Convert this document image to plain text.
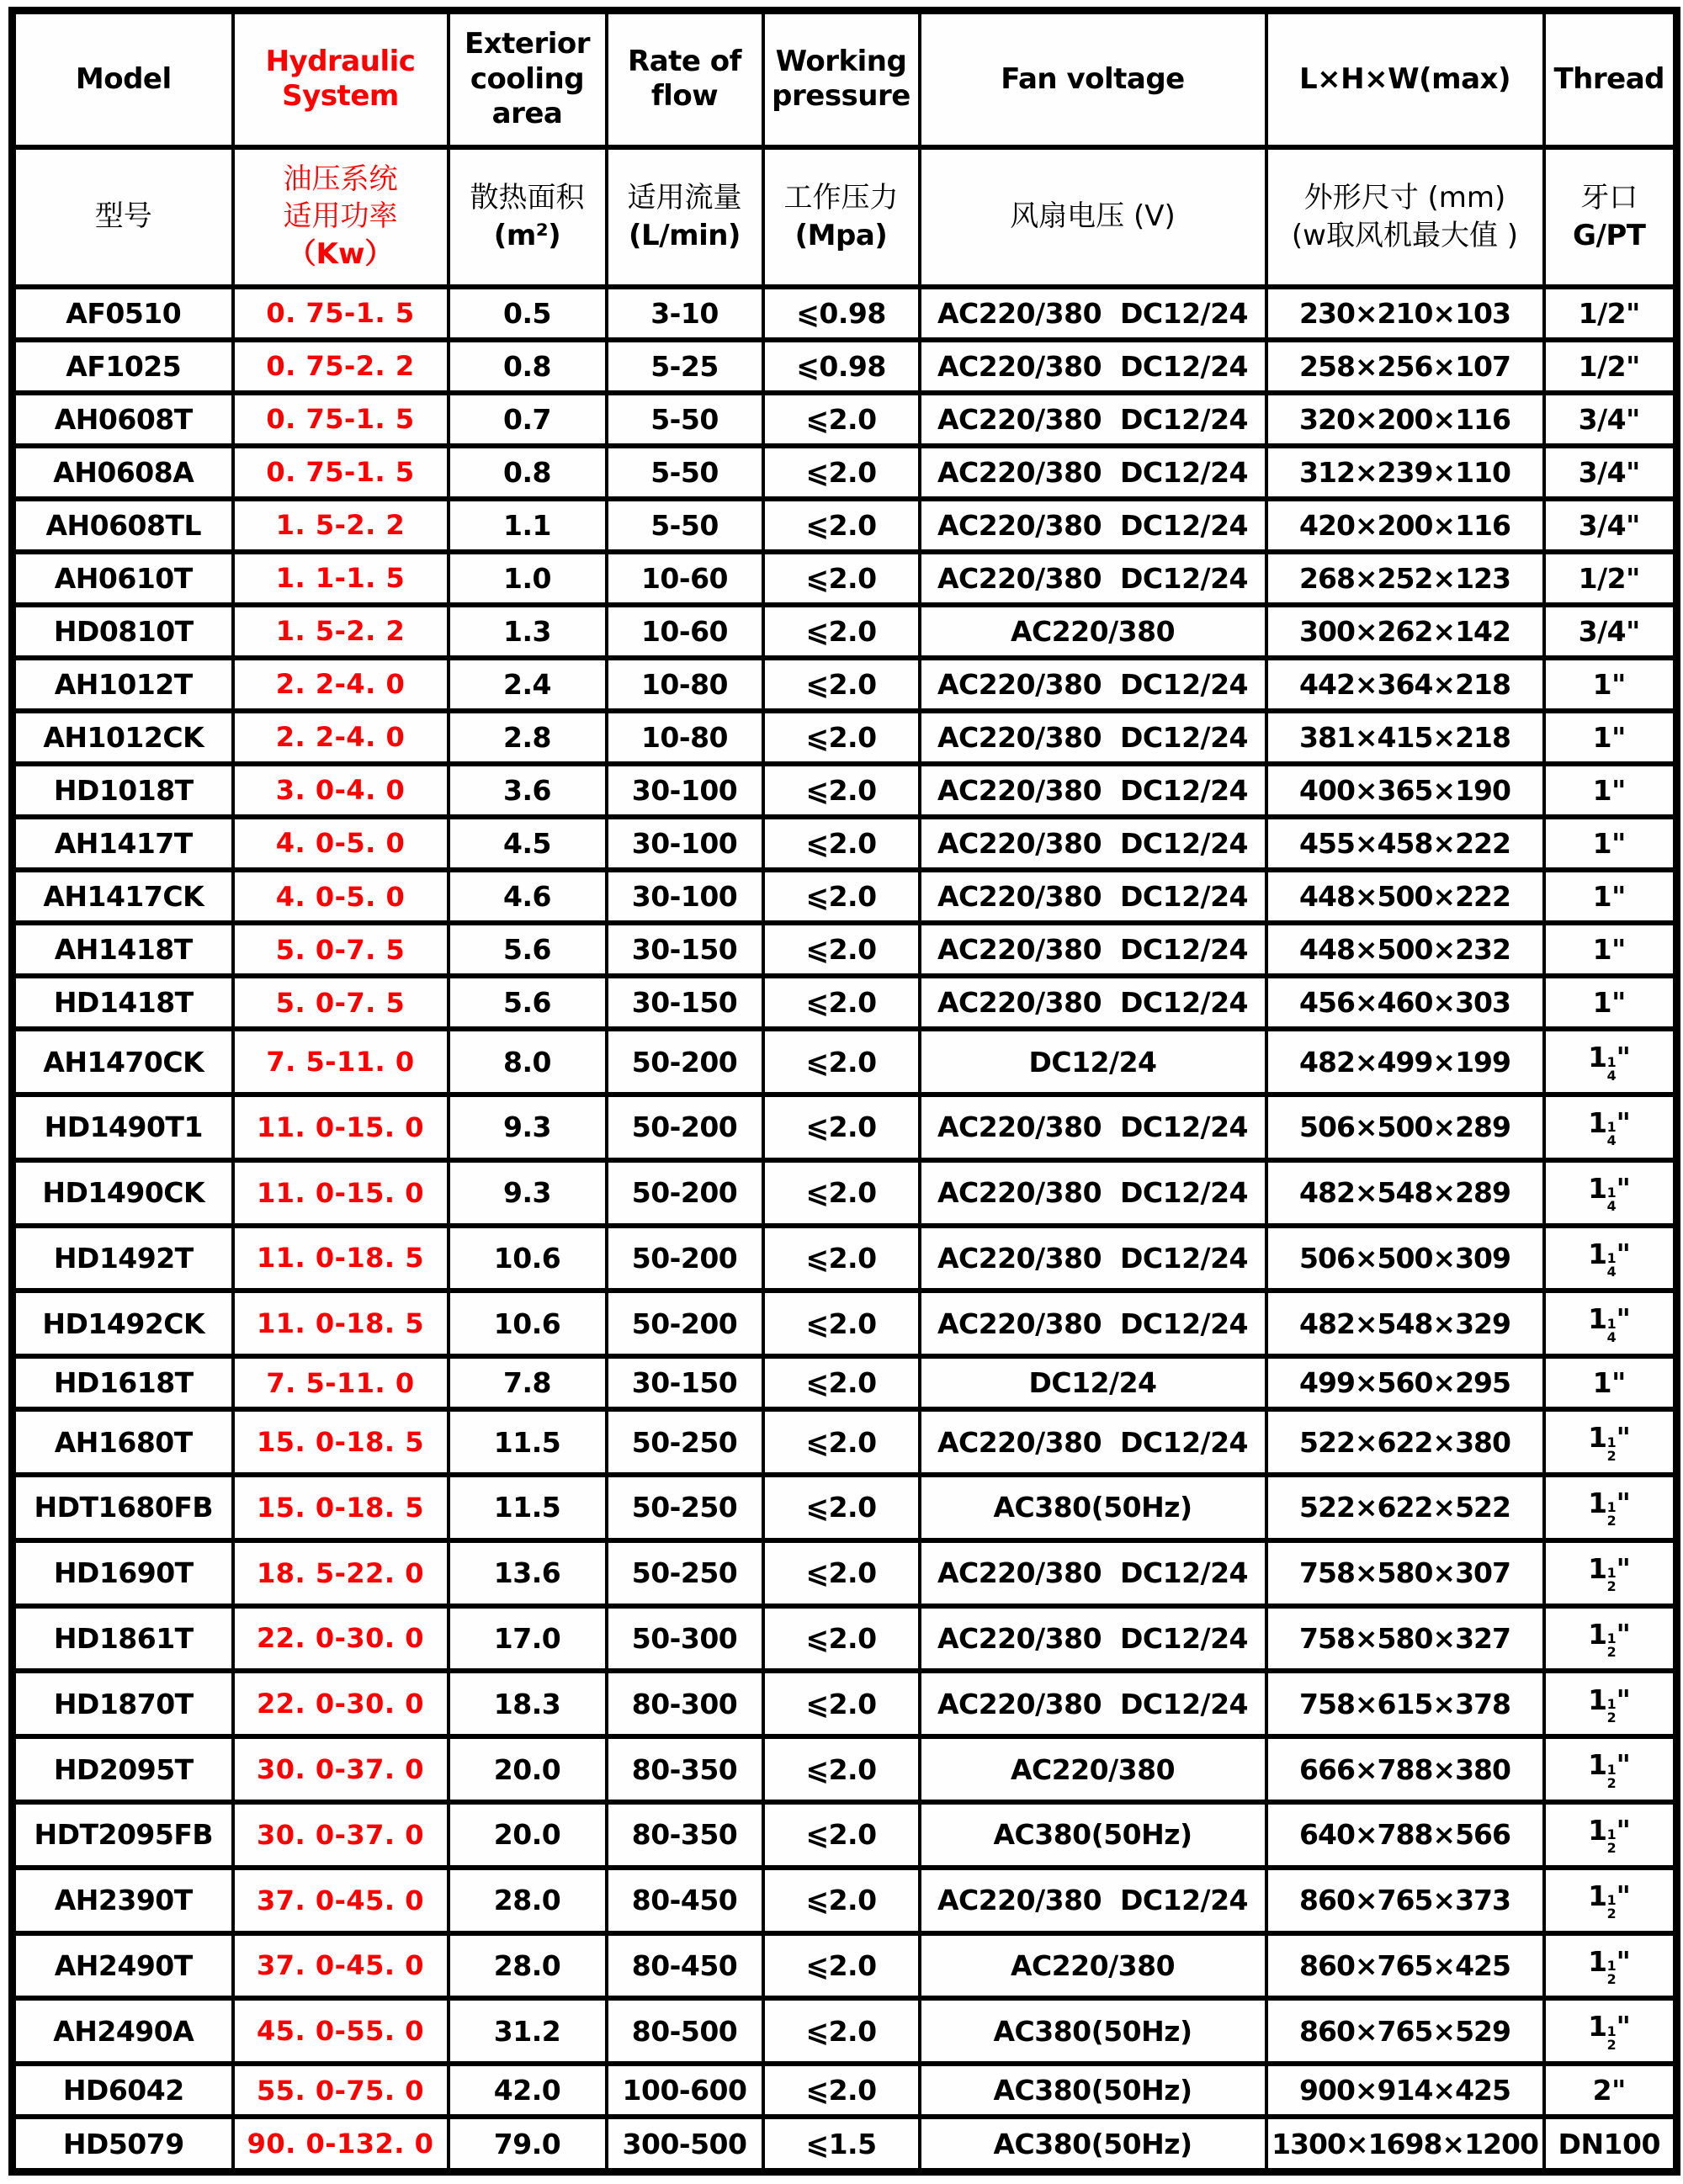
Model

Hydraulic
System

Exterior
cooling
area

Rate of
flow

Working
pressure

Fan voltage	L×H×W(max)	Thread

型号

油压系统
适用功率
（Kw）

散热面积
(m²)

适用流量
(L/min)

工作压力
(Mpa)

风扇电压 (V)

外形尺寸 (mm)
(w取风机最大值 )

牙口
G/PT

AF0510	0. 75-1. 5	0.5	3-10	⩽0.98	AC220/380  DC12/24	230×210×103	1/2"
AF1025	0. 75-2. 2	0.8	5-25	⩽0.98	AC220/380  DC12/24	258×256×107	1/2"
AH0608T	0. 75-1. 5	0.7	5-50	⩽2.0	AC220/380  DC12/24	320×200×116	3/4"
AH0608A	0. 75-1. 5	0.8	5-50	⩽2.0	AC220/380  DC12/24	312×239×110	3/4"
AH0608TL	1. 5-2. 2	1.1	5-50	⩽2.0	AC220/380  DC12/24	420×200×116	3/4"
AH0610T	1. 1-1. 5	1.0	10-60	⩽2.0	AC220/380  DC12/24	268×252×123	1/2"
HD0810T	1. 5-2. 2	1.3	10-60	⩽2.0	AC220/380	300×262×142	3/4"
AH1012T	2. 2-4. 0	2.4	10-80	⩽2.0	AC220/380  DC12/24	442×364×218	1"
AH1012CK	2. 2-4. 0	2.8	10-80	⩽2.0	AC220/380  DC12/24	381×415×218	1"
HD1018T	3. 0-4. 0	3.6	30-100	⩽2.0	AC220/380  DC12/24	400×365×190	1"
AH1417T	4. 0-5. 0	4.5	30-100	⩽2.0	AC220/380  DC12/24	455×458×222	1"
AH1417CK	4. 0-5. 0	4.6	30-100	⩽2.0	AC220/380  DC12/24	448×500×222	1"
AH1418T	5. 0-7. 5	5.6	30-150	⩽2.0	AC220/380  DC12/24	448×500×232	1"
HD1418T	5. 0-7. 5	5.6	30-150	⩽2.0	AC220/380  DC12/24	456×460×303	1"
AH1470CK	7. 5-11. 0	8.0	50-200	⩽2.0	DC12/24	482×499×199	1 1
4
"
HD1490T1	11. 0-15. 0	9.3	50-200	⩽2.0	AC220/380  DC12/24	506×500×289	1 1
4
"
HD1490CK	11. 0-15. 0	9.3	50-200	⩽2.0	AC220/380  DC12/24	482×548×289	1 1
4
"
HD1492T	11. 0-18. 5	10.6	50-200	⩽2.0	AC220/380  DC12/24	506×500×309	1 1
4
"
HD1492CK	11. 0-18. 5	10.6	50-200	⩽2.0	AC220/380  DC12/24	482×548×329	1 1
4
"
HD1618T	7. 5-11. 0	7.8	30-150	⩽2.0	DC12/24	499×560×295	1"
AH1680T	15. 0-18. 5	11.5	50-250	⩽2.0	AC220/380  DC12/24	522×622×380	1 1
2
"
HDT1680FB	15. 0-18. 5	11.5	50-250	⩽2.0	AC380(50Hz)	522×622×522	1 1
2
"
HD1690T	18. 5-22. 0	13.6	50-250	⩽2.0	AC220/380  DC12/24	758×580×307	1 1
2
"
HD1861T	22. 0-30. 0	17.0	50-300	⩽2.0	AC220/380  DC12/24	758×580×327	1 1
2
"
HD1870T	22. 0-30. 0	18.3	80-300	⩽2.0	AC220/380  DC12/24	758×615×378	1 1
2
"
HD2095T	30. 0-37. 0	20.0	80-350	⩽2.0	AC220/380	666×788×380	1 1
2
"
HDT2095FB	30. 0-37. 0	20.0	80-350	⩽2.0	AC380(50Hz)	640×788×566	1 1
2
"
AH2390T	37. 0-45. 0	28.0	80-450	⩽2.0	AC220/380  DC12/24	860×765×373	1 1
2
"
AH2490T	37. 0-45. 0	28.0	80-450	⩽2.0	AC220/380	860×765×425	1 1
2
"
AH2490A	45. 0-55. 0	31.2	80-500	⩽2.0	AC380(50Hz)	860×765×529	1 1
2
"
HD6042	55. 0-75. 0	42.0	100-600	⩽2.0	AC380(50Hz)	900×914×425	2"
HD5079	90. 0-132. 0	79.0	300-500	⩽1.5	AC380(50Hz)	1300×1698×1200	DN100
